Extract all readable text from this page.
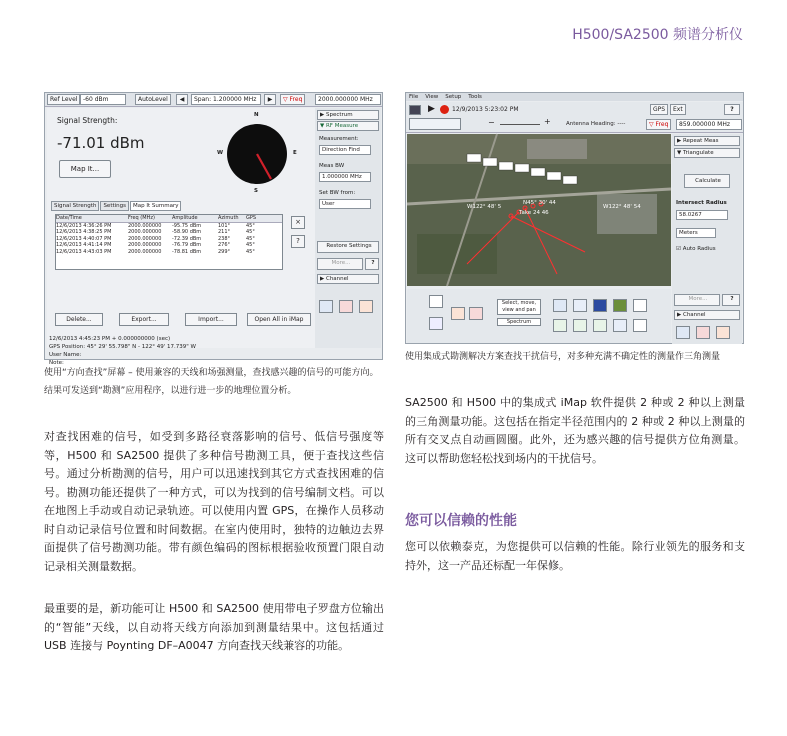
H500/SA2500 频谱分析仪
Ref Level -60 dBm	AutoLevel	◀	Span: 1.200000 MHz	▶	▽ Freq	2000.000000 MHz
Signal Strength:
-71.01 dBm
Map It...
N
S
W	E
Signal Strength Settings Map It Summary
Date/Time	Freq (MHz)	Amplitude	Azimuth	GPS
12/6/2013 4:36:26 PM	2000.000000	-95.75 dBm	101°	45°
12/6/2013 4:38:25 PM	2000.000000	-58.90 dBm	211°	45°
12/6/2013 4:40:07 PM	2000.000000	-72.39 dBm	238°	45°
12/6/2013 4:41:14 PM	2000.000000	-76.79 dBm	276°	45°
12/6/2013 4:43:03 PM	2000.000000	-78.81 dBm	299°	45°
×
?
Delete...	Export...	Import...	Open All in iMap
12/6/2013 4:45:23 PM + 0.000000000 (sec)
GPS Position: 45° 29' 55.798" N - 122° 49' 17.739" W
User Name:
Note:
▶ Spectrum
▼ RF Measure
Measurement:
Direction Find
Meas BW
1.000000 MHz
Set BW from:
User
Restore Settings
More...	?
▶ Channel
使用“方向查找”屏幕 – 使用兼容的天线和场强测量，查找感兴趣的信号的可能方向。结果可发送到“勘测”应用程序，以进行进一步的地理位置分析。
对查找困难的信号，如受到多路径衰落影响的信号、低信号强度等等，H500 和 SA2500 提供了多种信号勘测工具，便于查找这些信号。通过分析勘测的信号，用户可以迅速找到其它方式查找困难的信号。勘测功能还提供了一种方式，可以为找到的信号编制文档。可以在地图上手动或自动记录轨迹。可以使用内置 GPS，在操作人员移动时自动记录信号位置和时间数据。在室内使用时，独特的边触边去界面提供了信号勘测功能。带有颜色编码的图标根据验收预置门限自动记录相关测量数据。
最重要的是，新功能可让 H500 和 SA2500 使用带电子罗盘方位输出的“智能”天线，以自动将天线方向添加到测量结果中。这包括通过 USB 连接与 Poynting DF–A0047 方向查找天线兼容的功能。
File View Setup Tools
▶	12/9/2013 5:23:02 PM	GPS	Ext	?
−	+	Antenna Heading: ----	▽ Freq	859.000000 MHz
W122° 48' 5	W122° 48' 54
N45° 30' 44
Take 24 46
▶ Repeat Meas
▼ Triangulate
Calculate
Intersect Radius
58.0267
Meters
☑ Auto Radius
More...	?
▶ Channel
Select, move, view and pan
Spectrum
使用集成式勘测解决方案查找干扰信号，对多种充满不确定性的测量作三角测量
SA2500 和 H500 中的集成式 iMap 软件提供 2 种或 2 种以上测量的三角测量功能。这包括在指定半径范围内的 2 种或 2 种以上测量的所有交叉点自动画圆圈。此外，还为感兴趣的信号提供方位角测量。这可以帮助您轻松找到场内的干扰信号。
您可以信赖的性能
您可以依赖泰克，为您提供可以信赖的性能。除行业领先的服务和支持外，这一产品还标配一年保修。
